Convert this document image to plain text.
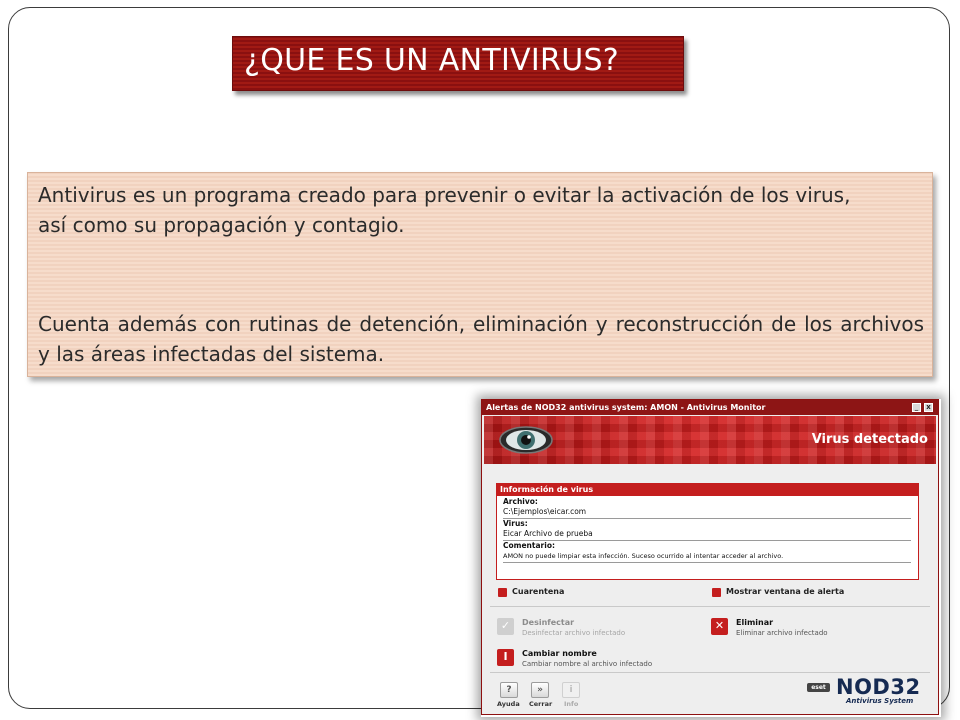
¿QUE ES UN ANTIVIRUS?

Antivirus es un programa creado para prevenir o evitar la activación de los virus,
así como su propagación y contagio.

Cuenta además con rutinas de detención, eliminación y reconstrucción de los archivos y las áreas infectadas del sistema.

Alertas de NOD32 antivirus system: AMON - Antivirus Monitor	_	x
Virus detectado
Información de virus
Archivo:
C:\Ejemplos\eicar.com
Virus:
Eicar Archivo de prueba
Comentario:
AMON no puede limpiar esta infección. Suceso ocurrido al intentar acceder al archivo.
Cuarentena	Mostrar ventana de alerta
✓	Desinfectar
Desinfectar archivo infectado
✕	Eliminar
Eliminar archivo infectado
I	Cambiar nombre
Cambiar nombre al archivo infectado
?
Ayuda
»
Cerrar
i
Info
eset NOD32
Antivirus System
